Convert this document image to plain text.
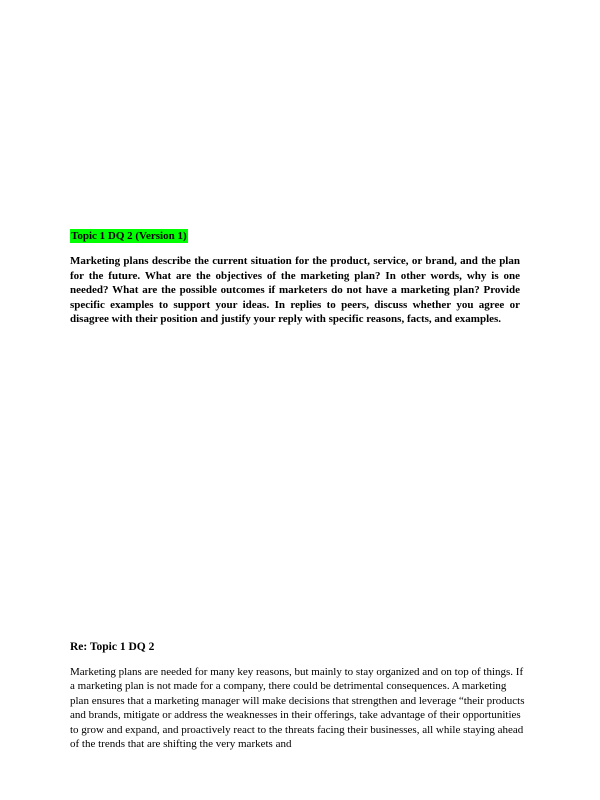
Topic 1 DQ 2 (Version 1)

Marketing plans describe the current situation for the product, service, or brand, and the plan for the future. What are the objectives of the marketing plan? In other words, why is one needed? What are the possible outcomes if marketers do not have a marketing plan? Provide specific examples to support your ideas. In replies to peers, discuss whether you agree or disagree with their position and justify your reply with specific reasons, facts, and examples.

Re: Topic 1 DQ 2

Marketing plans are needed for many key reasons, but mainly to stay organized and on top of things. If a marketing plan is not made for a company, there could be detrimental consequences. A marketing plan ensures that a marketing manager will make decisions that strengthen and leverage “their products and brands, mitigate or address the weaknesses in their offerings, take advantage of their opportunities to grow and expand, and proactively react to the threats facing their businesses, all while staying ahead of the trends that are shifting the very markets and
